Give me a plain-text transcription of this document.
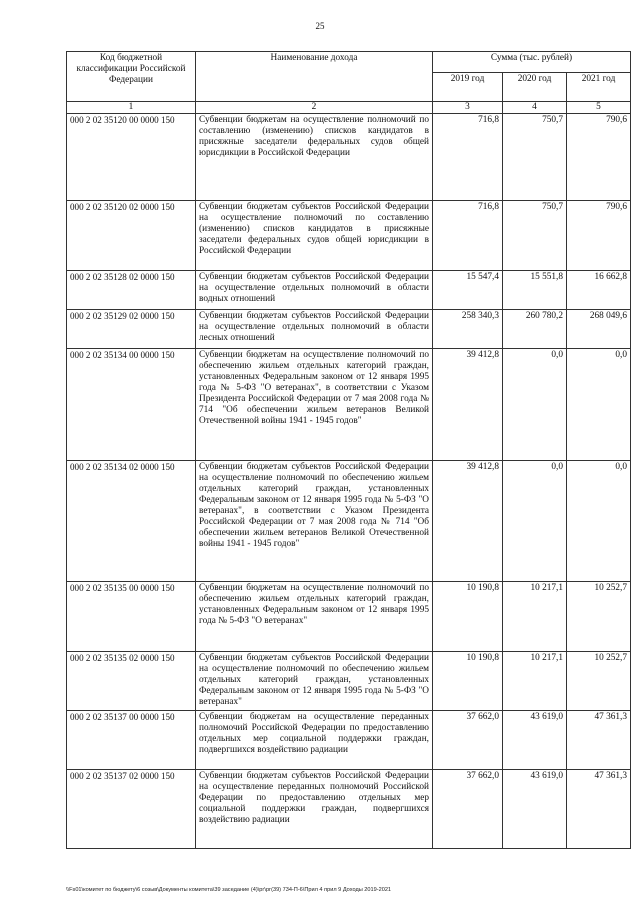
25
Код бюджетной классификации Российской Федерации	Наименование дохода	Сумма (тыс. рублей)		
		2019 год	2020 год	2021 год
1	2	3	4	5
000 2 02 35120 00 0000 150	Субвенции бюджетам на осуществление полномочий по составлению (изменению) списков кандидатов в присяжные заседатели федеральных судов общей юрисдикции в Российской Федерации	716,8	750,7	790,6
000 2 02 35120 02 0000 150	Субвенции бюджетам субъектов Российской Федерации на осуществление полномочий по составлению (изменению) списков кандидатов в присяжные заседатели федеральных судов общей юрисдикции в Российской Федерации	716,8	750,7	790,6
000 2 02 35128 02 0000 150	Субвенции бюджетам субъектов Российской Федерации на осуществление отдельных полномочий в области водных отношений	15 547,4	15 551,8	16 662,8
000 2 02 35129 02 0000 150	Субвенции бюджетам субъектов Российской Федерации на осуществление отдельных полномочий в области лесных отношений	258 340,3	260 780,2	268 049,6
000 2 02 35134 00 0000 150	Субвенции бюджетам на осуществление полномочий по обеспечению жильем отдельных категорий граждан, установленных Федеральным законом от 12 января 1995 года № 5-ФЗ "О ветеранах", в соответствии с Указом Президента Российской Федерации от 7 мая 2008 года № 714 "Об обеспечении жильем ветеранов Великой Отечественной войны 1941 - 1945 годов"	39 412,8	0,0	0,0
000 2 02 35134 02 0000 150	Субвенции бюджетам субъектов Российской Федерации на осуществление полномочий по обеспечению жильем отдельных категорий граждан, установленных Федеральным законом от 12 января 1995 года № 5-ФЗ "О ветеранах", в соответствии с Указом Президента Российской Федерации от 7 мая 2008 года № 714 "Об обеспечении жильем ветеранов Великой Отечественной войны 1941 - 1945 годов"	39 412,8	0,0	0,0
000 2 02 35135 00 0000 150	Субвенции бюджетам на осуществление полномочий по обеспечению жильем отдельных категорий граждан, установленных Федеральным законом от 12 января 1995 года № 5-ФЗ "О ветеранах"	10 190,8	10 217,1	10 252,7
000 2 02 35135 02 0000 150	Субвенции бюджетам субъектов Российской Федерации на осуществление полномочий по обеспечению жильем отдельных категорий граждан, установленных Федеральным законом от 12 января 1995 года № 5-ФЗ "О ветеранах"	10 190,8	10 217,1	10 252,7
000 2 02 35137 00 0000 150	Субвенции бюджетам на осуществление переданных полномочий Российской Федерации по предоставлению отдельных мер социальной поддержки граждан, подвергшихся воздействию радиации	37 662,0	43 619,0	47 361,3
000 2 02 35137 02 0000 150	Субвенции бюджетам субъектов Российской Федерации на осуществление переданных полномочий Российской Федерации по предоставлению отдельных мер социальной поддержки граждан, подвергшихся воздействию радиации	37 662,0	43 619,0	47 361,3
\\Fs01\комитет по бюджету\6 созыв\Документы комитета\39 заседание (4)\рг\рг(39) 734-П-6\Прил 4 прил 9 Доходы 2019-2021
